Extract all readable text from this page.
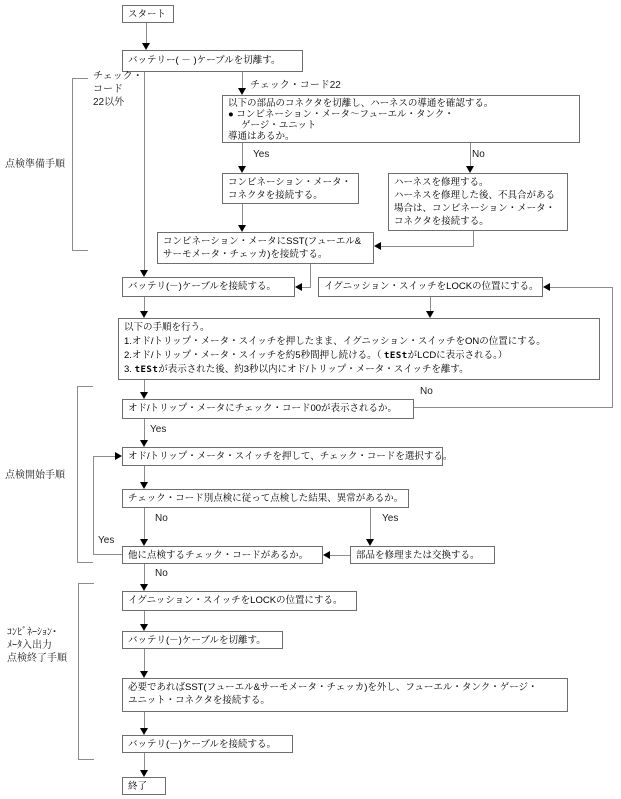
スタート
バッテリー( － )ケーブルを切離す。
以下の部品のコネクタを切離し、ハーネスの導通を確認する。
● コンビネーション・メータ～フューエル・タンク・
ゲージ・ユニット
導通はあるか。
コンビネーション・メータ・
コネクタを接続する。
ハーネスを修理する。
ハーネスを修理した後、不具合がある
場合は、コンビネーション・メータ・
コネクタを接続する。
コンビネーション・メータにSST(フューエル&
サーモメータ・チェッカ)を接続する。
バッテリ(－)ケーブルを接続する。	イグニッション・スイッチをLOCKの位置にする。
以下の手順を行う。
1.オド/トリップ・メータ・スイッチを押したまま、イグニッション・スイッチをONの位置にする。
2.オド/トリップ・メータ・スイッチを約5秒間押し続ける。（ tEStがLCDに表示される。）
3. tEStが表示された後、約3秒以内にオド/トリップ・メータ・スイッチを離す。
オド/トリップ・メータにチェック・コード00が表示されるか。
オド/トリップ・メータ・スイッチを押して、チェック・コードを選択する。
チェック・コード別点検に従って点検した結果、異常があるか。
部品を修理または交換する。
他に点検するチェック・コードがあるか。
イグニッション・スイッチをLOCKの位置にする。
バッテリ(－)ケーブルを切離す。
必要であればSST(フューエル&サーモメータ・チェッカ)を外し、フューエル・タンク・ゲージ・
ユニット・コネクタを接続する。
バッテリ(－)ケーブルを接続する。
終了
チェック・コード22
チェック・
コード
22以外
Yes	No
No
Yes
No	Yes
Yes
No
点検準備手順
点検開始手順
ｺﾝﾋﾞﾈｰｼｮﾝ･
ﾒｰﾀ入出力
点検終了手順
